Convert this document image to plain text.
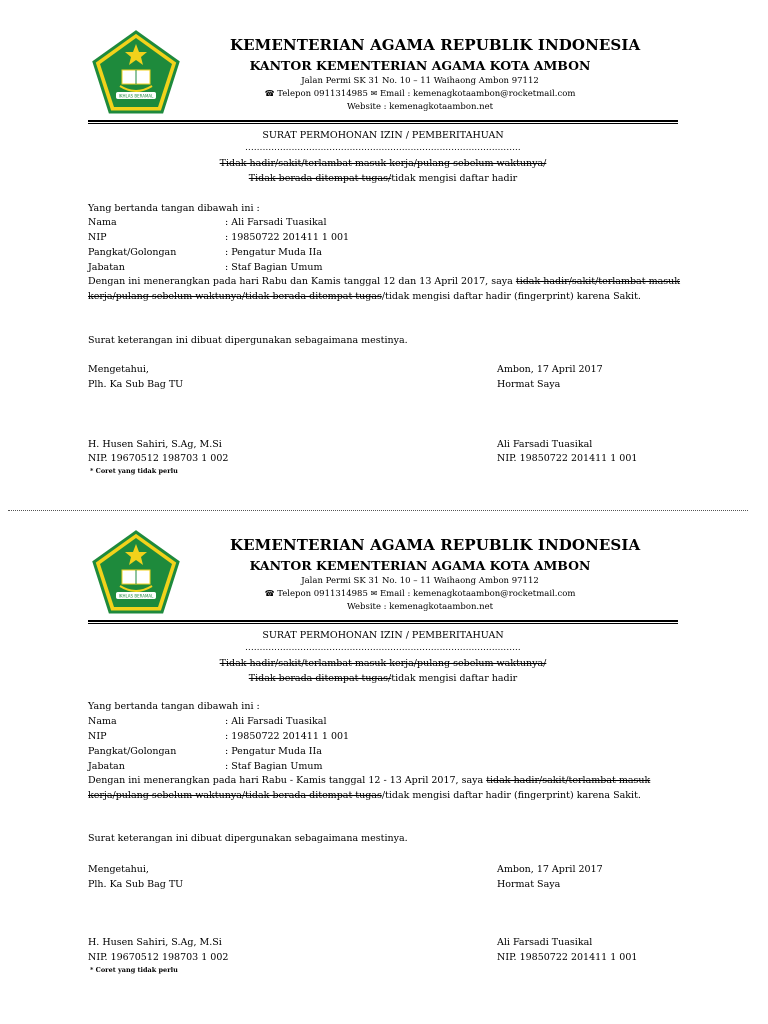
IKHLAS BERAMAL
KEMENTERIAN AGAMA REPUBLIK INDONESIA
KANTOR KEMENTERIAN AGAMA KOTA AMBON
Jalan Permi SK 31 No. 10 – 11 Waihaong Ambon 97112
☎ Telepon 0911314985 ✉ Email : kemenagkotaambon@rocketmail.com
Website : kemenagkotaambon.net
SURAT PERMOHONAN IZIN / PEMBERITAHUAN
...............................................................................................
Tidak hadir/sakit/terlambat masuk kerja/pulang sebelum waktunya/
Tidak berada ditempat tugas/tidak mengisi daftar hadir
Yang bertanda tangan dibawah ini :
Nama	: Ali Farsadi Tuasikal
NIP	: 19850722 201411 1 001
Pangkat/Golongan	: Pengatur Muda IIa
Jabatan	: Staf Bagian Umum
Dengan ini menerangkan pada hari Rabu dan Kamis tanggal 12 dan 13 April 2017, saya tidak hadir/sakit/terlambat masuk kerja/pulang sebelum waktunya/tidak berada ditempat tugas/tidak mengisi daftar hadir (fingerprint) karena Sakit.
Surat keterangan ini dibuat dipergunakan sebagaimana mestinya.
Mengetahui,
Plh. Ka Sub Bag TU
Ambon, 17 April 2017
Hormat Saya
H. Husen Sahiri, S.Ag, M.Si
NIP. 19670512 198703 1 002
Ali Farsadi Tuasikal
NIP. 19850722 201411 1 001
* Coret yang tidak perlu
IKHLAS BERAMAL
KEMENTERIAN AGAMA REPUBLIK INDONESIA
KANTOR KEMENTERIAN AGAMA KOTA AMBON
Jalan Permi SK 31 No. 10 – 11 Waihaong Ambon 97112
☎ Telepon 0911314985 ✉ Email : kemenagkotaambon@rocketmail.com
Website : kemenagkotaambon.net
SURAT PERMOHONAN IZIN / PEMBERITAHUAN
...............................................................................................
Tidak hadir/sakit/terlambat masuk kerja/pulang sebelum waktunya/
Tidak berada ditempat tugas/tidak mengisi daftar hadir
Yang bertanda tangan dibawah ini :
Nama	: Ali Farsadi Tuasikal
NIP	: 19850722 201411 1 001
Pangkat/Golongan	: Pengatur Muda IIa
Jabatan	: Staf Bagian Umum
Dengan ini menerangkan pada hari Rabu - Kamis tanggal 12 - 13 April 2017, saya tidak hadir/sakit/terlambat masuk kerja/pulang sebelum waktunya/tidak berada ditempat tugas/tidak mengisi daftar hadir (fingerprint) karena Sakit.
Surat keterangan ini dibuat dipergunakan sebagaimana mestinya.
Mengetahui,
Plh. Ka Sub Bag TU
Ambon, 17 April 2017
Hormat Saya
H. Husen Sahiri, S.Ag, M.Si
NIP. 19670512 198703 1 002
Ali Farsadi Tuasikal
NIP. 19850722 201411 1 001
* Coret yang tidak perlu
